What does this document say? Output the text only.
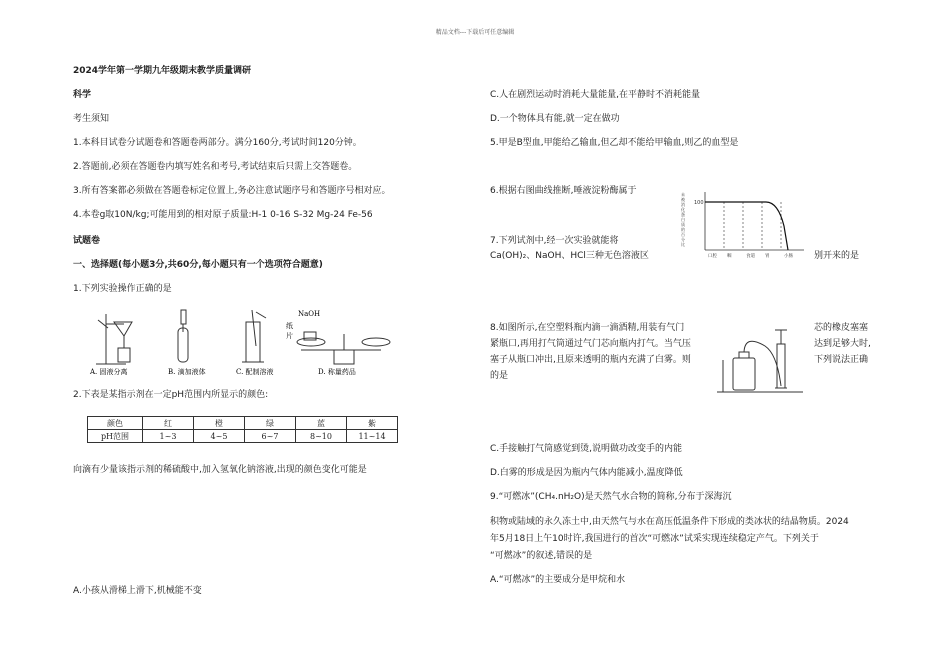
精品文档---下载后可任意编辑
2024学年第一学期九年级期末教学质量调研
科学
考生须知
1.本科目试卷分试题卷和答题卷两部分。满分160分,考试时间120分钟。
2.答题前,必须在答题卷内填写姓名和考号,考试结束后只需上交答题卷。
3.所有答案都必须做在答题卷标定位置上,务必注意试题序号和答题序号相对应。
4.本卷g取10N/kg;可能用到的相对原子质量:H-1 0-16 S-32 Mg-24 Fe-56
试题卷
一、选择题(每小题3分,共60分,每小题只有一个选项符合题意)
1.下列实验操作正确的是
NaOH
纸
片
A. 固液分离	B. 滴加液体	C. 配制溶液	D. 称量药品
2.下表是某指示剂在一定pH范围内所显示的颜色:
颜色	红	橙	绿	蓝	紫
pH范围	1~3	4~5	6~7	8~10	11~14
向滴有少量该指示剂的稀硫酸中,加入氢氧化钠溶液,出现的颜色变化可能是
A.小孩从滑梯上滑下,机械能不变
C.人在剧烈运动时消耗大量能量,在平静时不消耗能量
D.一个物体具有能,就一定在做功
5.甲是B型血,甲能给乙输血,但乙却不能给甲输血,则乙的血型是
6.根据右图曲线推断,唾液淀粉酶属于	未
被
消
化
蛋
白
质
的
百
分
比
100
口腔 咽	食道 胃	小肠
7.下列试剂中,经一次实验就能将
Ca(OH)₂、NaOH、HCl三种无色溶液区	别开来的是
8.如图所示,在空塑料瓶内滴一滴酒精,用装有气门	芯的橡皮塞塞
紧瓶口,再用打气筒通过气门芯向瓶内打气。当气压	达到足够大时,
塞子从瓶口冲出,且原来透明的瓶内充满了白雾。则	下列说法正确
的是
C.手接触打气筒感觉到烫,说明做功改变手的内能
D.白雾的形成是因为瓶内气体内能减小,温度降低
9.“可燃冰”(CH₄.nH₂O)是天然气水合物的简称,分布于深海沉
积物或陆域的永久冻土中,由天然气与水在高压低温条件下形成的类冰状的结晶物质。2024
年5月18日上午10时许,我国进行的首次“可燃冰”试采实现连续稳定产气。下列关于
“可燃冰”的叙述,错误的是
A.“可燃冰”的主要成分是甲烷和水
